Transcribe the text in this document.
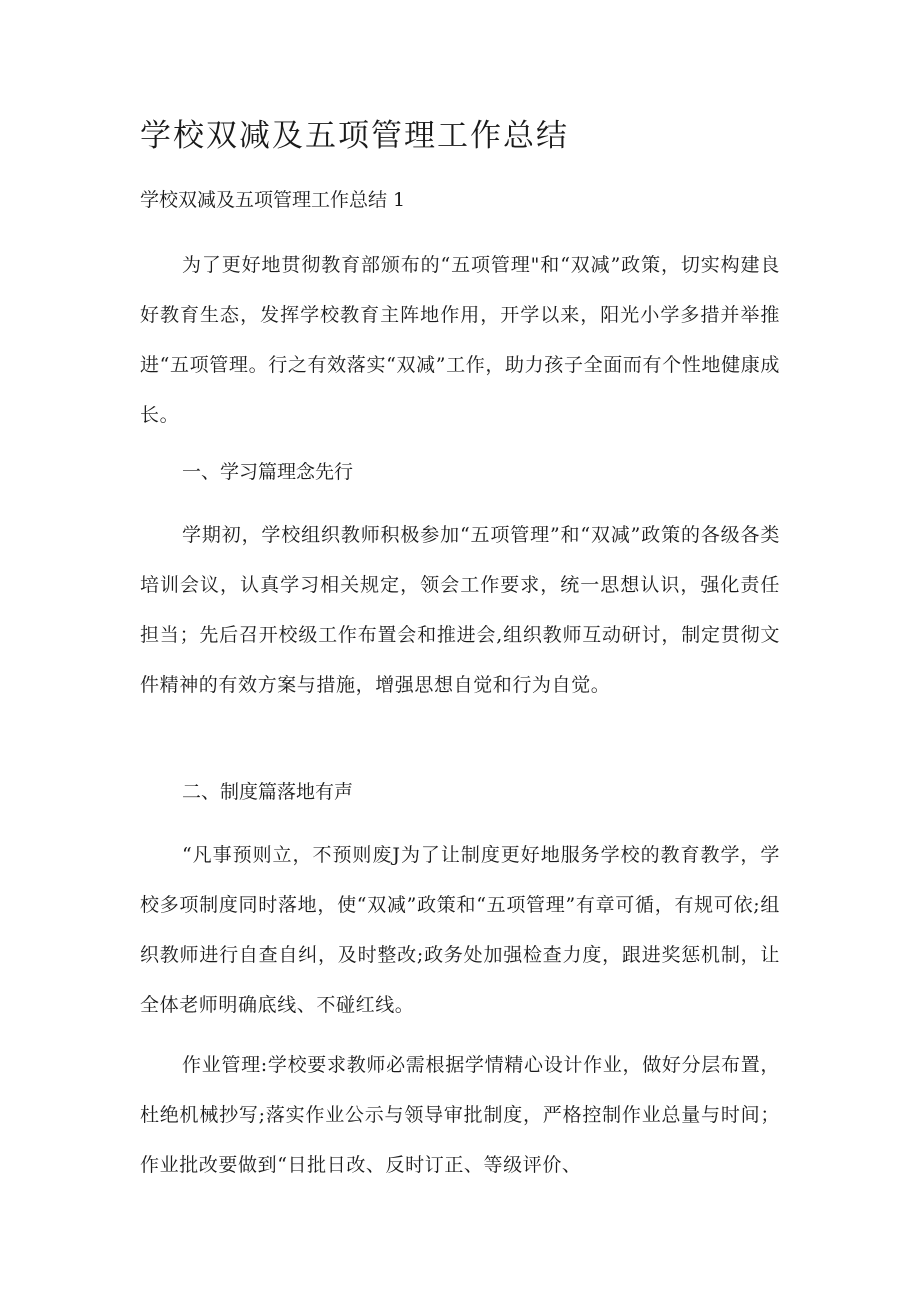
学校双减及五项管理工作总结

学校双减及五项管理工作总结 1

为了更好地贯彻教育部颁布的“五项管理"和“双减”政策，切实构建良好教育生态，发挥学校教育主阵地作用，开学以来，阳光小学多措并举推进“五项管理。行之有效落实“双减”工作，助力孩子全面而有个性地健康成长。

一、学习篇理念先行

学期初，学校组织教师积极参加“五项管理”和“双减”政策的各级各类培训会议，认真学习相关规定，领会工作要求，统一思想认识，强化责任担当；先后召开校级工作布置会和推进会,组织教师互动研讨，制定贯彻文件精神的有效方案与措施，增强思想自觉和行为自觉。

二、制度篇落地有声

“凡事预则立，不预则废J为了让制度更好地服务学校的教育教学，学校多项制度同时落地，使“双减”政策和“五项管理”有章可循，有规可依;组织教师进行自查自纠，及时整改;政务处加强检查力度，跟进奖惩机制，让全体老师明确底线、不碰红线。

作业管理:学校要求教师必需根据学情精心设计作业，做好分层布置，杜绝机械抄写;落实作业公示与领导审批制度，严格控制作业总量与时间；作业批改要做到“日批日改、反时订正、等级评价、
